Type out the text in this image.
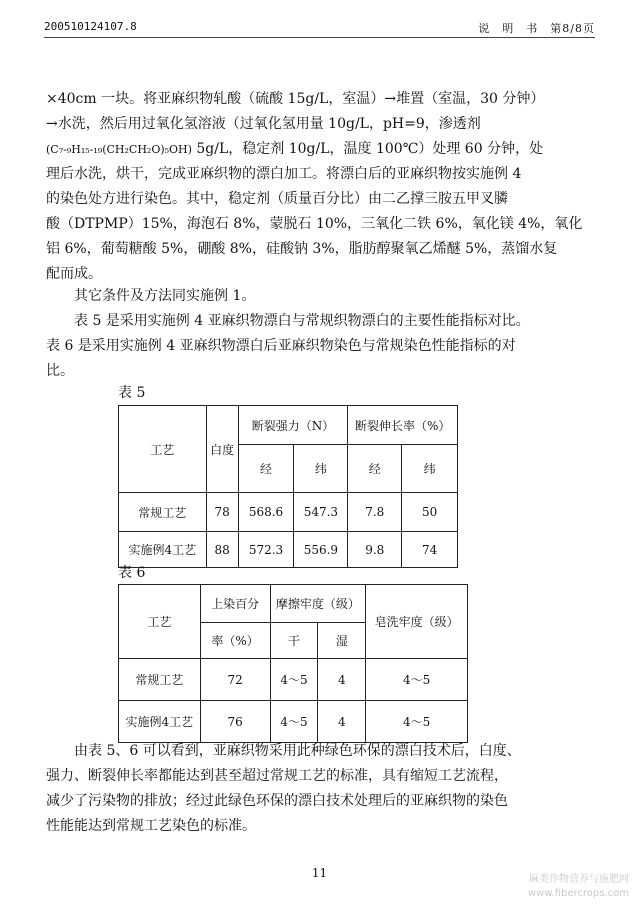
200510124107.8	说　明　书　第8/8页

×40cm 一块。将亚麻织物轧酸（硫酸 15g/L，室温）→堆置（室温，30 分钟）

→水洗，然后用过氧化氢溶液（过氧化氢用量 10g/L，pH=9，渗透剂

(C₇-₉H₁₅-₁₉(CH₂CH₂O)₅OH) 5g/L，稳定剂 10g/L，温度 100℃）处理 60 分钟，处

理后水洗，烘干，完成亚麻织物的漂白加工。将漂白后的亚麻织物按实施例 4

的染色处方进行染色。其中，稳定剂（质量百分比）由二乙撑三胺五甲叉膦

酸（DTPMP）15%，海泡石 8%，蒙脱石 10%，三氧化二铁 6%，氧化镁 4%，氧化

铝 6%，葡萄糖酸 5%，硼酸 8%，硅酸钠 3%，脂肪醇聚氧乙烯醚 5%，蒸馏水复

配而成。

其它条件及方法同实施例 1。

表 5 是采用实施例 4 亚麻织物漂白与常规织物漂白的主要性能指标对比。

表 6 是采用实施例 4 亚麻织物漂白后亚麻织物染色与常规染色性能指标的对

比。

表 5
工艺	白度	断裂强力（N）		断裂伸长率（%）	
		经	纬	经	纬
常规工艺	78	568.6	547.3	7.8	50
实施例4工艺	88	572.3	556.9	9.8	74
表 6
工艺	上染百分	摩擦牢度（级）		皂洗牢度（级）
	率（%）	干	湿	
常规工艺	72	4～5	4	4～5
实施例4工艺	76	4～5	4	4～5

由表 5、6 可以看到，亚麻织物采用此种绿色环保的漂白技术后，白度、

强力、断裂伸长率都能达到甚至超过常规工艺的标准，具有缩短工艺流程，

减少了污染物的排放；经过此绿色环保的漂白技术处理后的亚麻织物的染色

性能能达到常规工艺染色的标准。

11	麻类作物营养与施肥网
www.fibercrops.com
